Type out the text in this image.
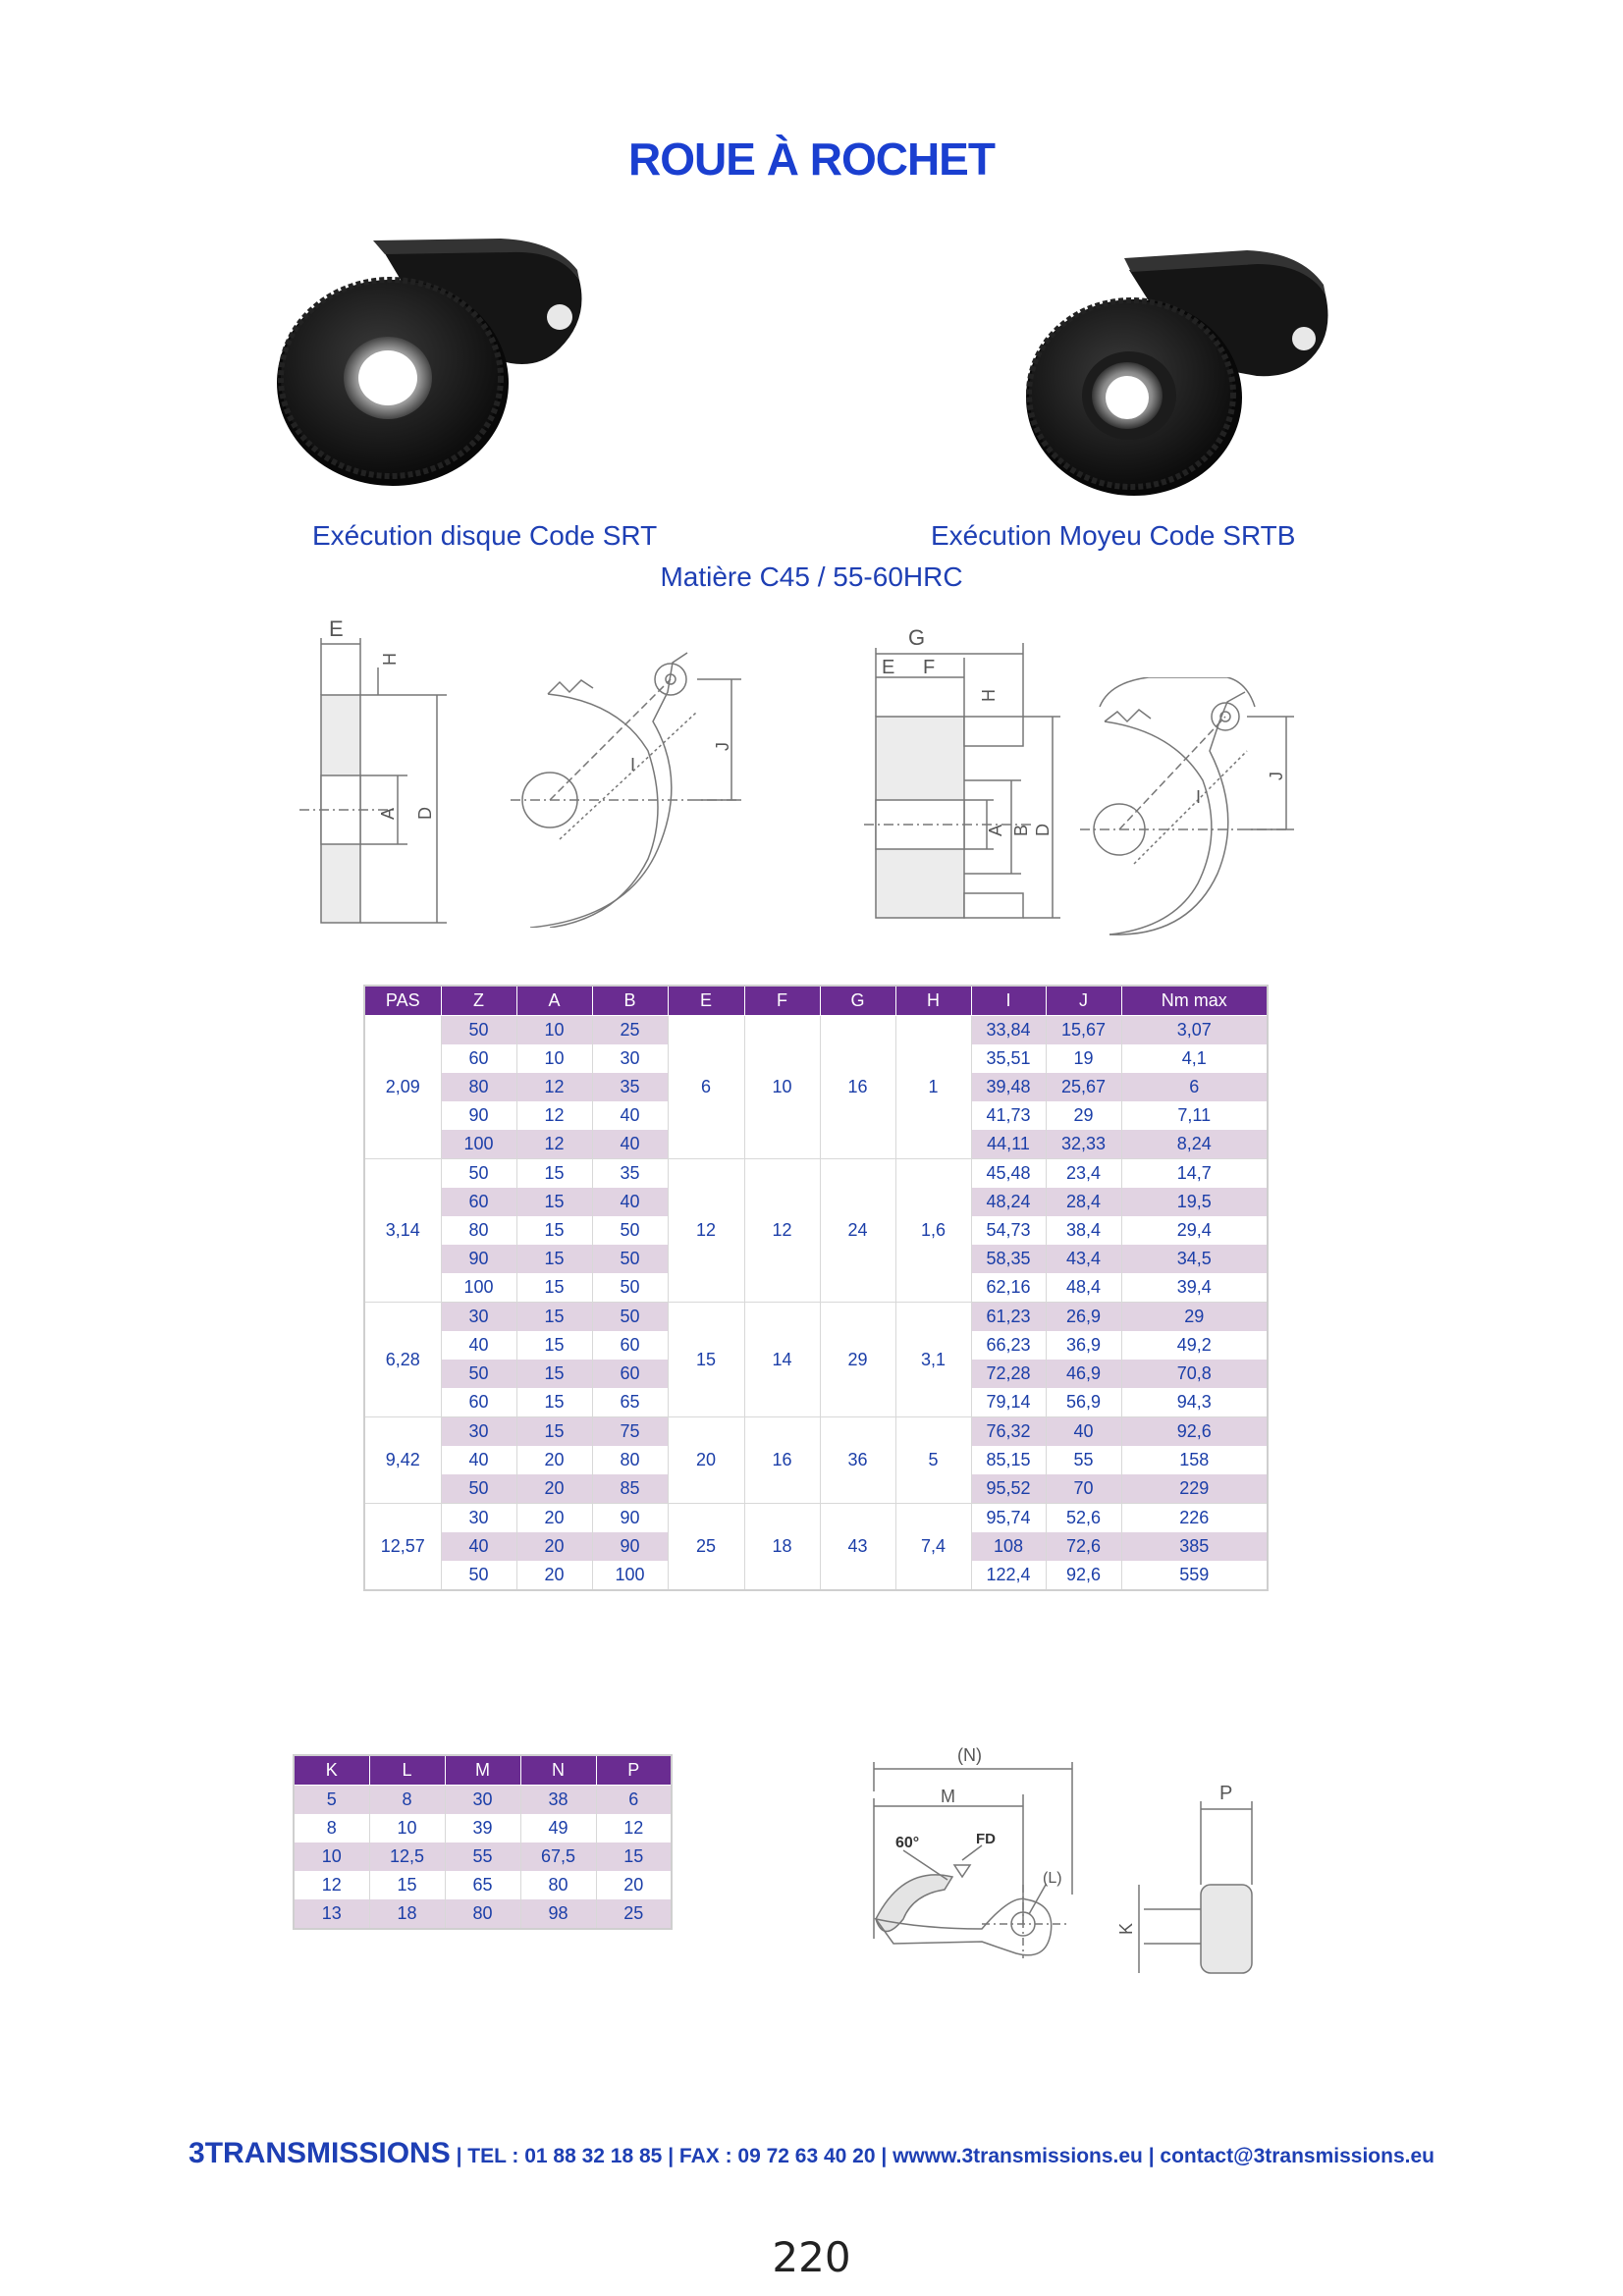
ROUE À ROCHET
Exécution disque Code SRT	Exécution Moyeu Code SRTB
Matière C45 / 55-60HRC
E
H
A D
J
I
G
E F
H
A B D
J
I
PAS	Z	A	B	E	F	G	H	I	J	Nm max
2,09	50	10	25	6	10	16	1	33,84	15,67	3,07
	60	10	30					35,51	19	4,1
	80	12	35					39,48	25,67	6
	90	12	40					41,73	29	7,11
	100	12	40					44,11	32,33	8,24
3,14	50	15	35	12	12	24	1,6	45,48	23,4	14,7
	60	15	40					48,24	28,4	19,5
	80	15	50					54,73	38,4	29,4
	90	15	50					58,35	43,4	34,5
	100	15	50					62,16	48,4	39,4
6,28	30	15	50	15	14	29	3,1	61,23	26,9	29
	40	15	60					66,23	36,9	49,2
	50	15	60					72,28	46,9	70,8
	60	15	65					79,14	56,9	94,3
9,42	30	15	75	20	16	36	5	76,32	40	92,6
	40	20	80					85,15	55	158
	50	20	85					95,52	70	229
12,57	30	20	90	25	18	43	7,4	95,74	52,6	226
	40	20	90					108	72,6	385
	50	20	100					122,4	92,6	559
(N)
M
60°	FD
(L)
P
K
K	L	M	N	P
5	8	30	38	6
8	10	39	49	12
10	12,5	55	67,5	15
12	15	65	80	20
13	18	80	98	25
3TRANSMISSIONS | TEL : 01 88 32 18 85 | FAX : 09 72 63 40 20 | wwww.3transmissions.eu | contact@3transmissions.eu
220
